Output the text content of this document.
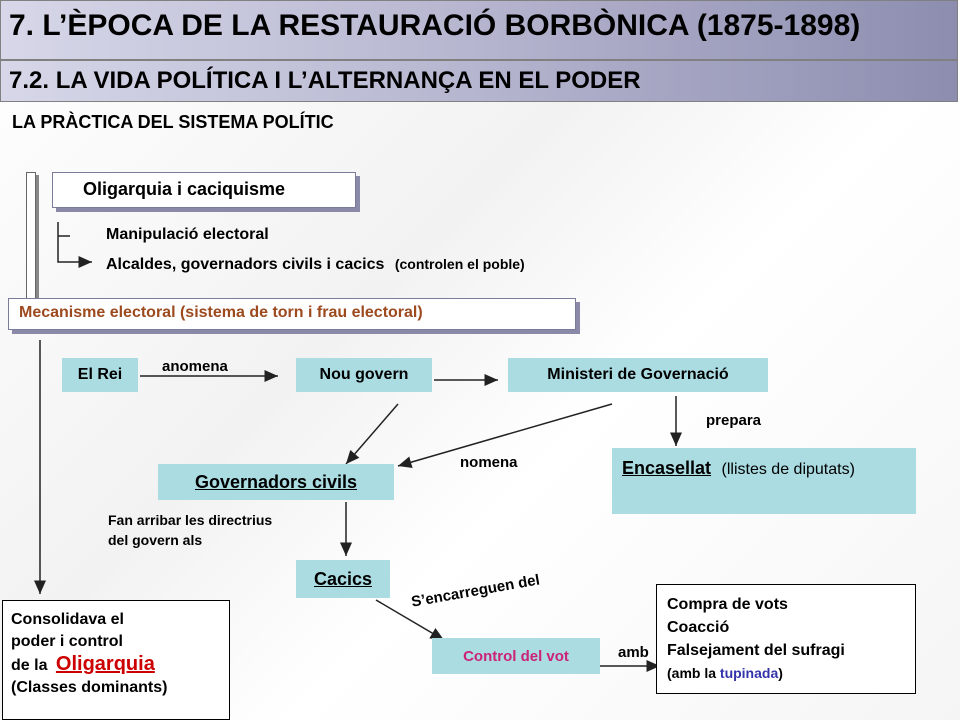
7. L’ÈPOCA DE LA RESTAURACIÓ BORBÒNICA (1875-1898)
7.2. LA VIDA POLÍTICA I L’ALTERNANÇA EN EL PODER
LA PRÀCTICA DEL SISTEMA POLÍTIC
Oligarquia i caciquisme
Manipulació electoral
Alcaldes, governadors civils i cacics (controlen el poble)
Mecanisme electoral (sistema de torn i frau electoral)
El Rei	Nou govern	Ministeri de Governació
Governadors civils
Encasellat (llistes de diputats)
Cacics
Control del vot
anomena
prepara
nomena
Fan arribar les directrius
del govern als
S’encarreguen del
amb
Consolidava el
poder i control
de la Oligarquia
(Classes dominants)
Compra de vots
Coacció
Falsejament del sufragi
(amb la tupinada)
